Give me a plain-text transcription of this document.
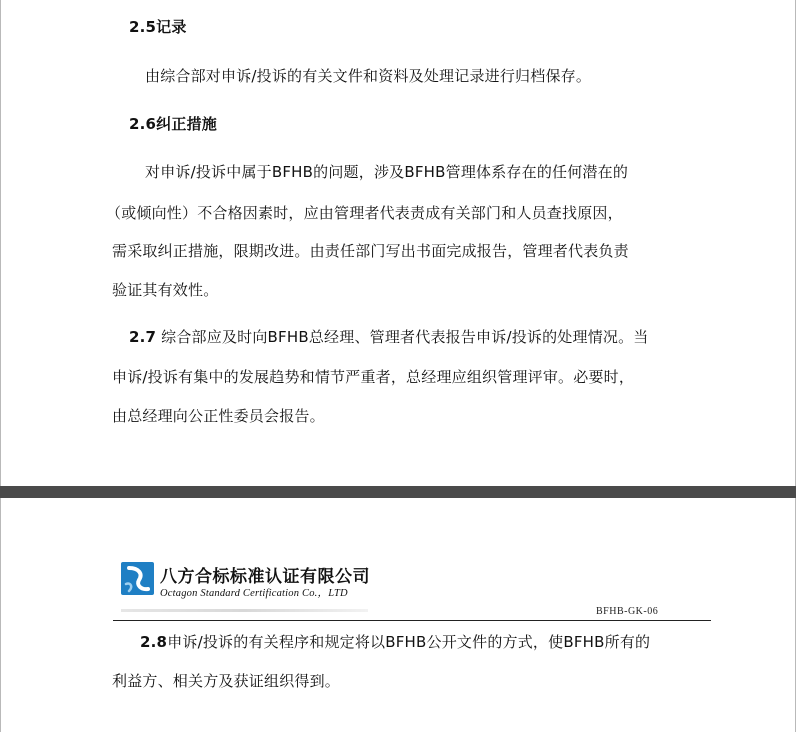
2.5记录
由综合部对申诉/投诉的有关文件和资料及处理记录进行归档保存。
2.6纠正措施
对申诉/投诉中属于BFHB的问题，涉及BFHB管理体系存在的任何潜在的
（或倾向性）不合格因素时，应由管理者代表责成有关部门和人员查找原因，
需采取纠正措施，限期改进。由责任部门写出书面完成报告，管理者代表负责
验证其有效性。
2.7 综合部应及时向BFHB总经理、管理者代表报告申诉/投诉的处理情况。当
申诉/投诉有集中的发展趋势和情节严重者，总经理应组织管理评审。必要时，
由总经理向公正性委员会报告。
八方合标标准认证有限公司
Octagon Standard Certification Co.，LTD
BFHB-GK-06
2.8申诉/投诉的有关程序和规定将以BFHB公开文件的方式，使BFHB所有的
利益方、相关方及获证组织得到。
